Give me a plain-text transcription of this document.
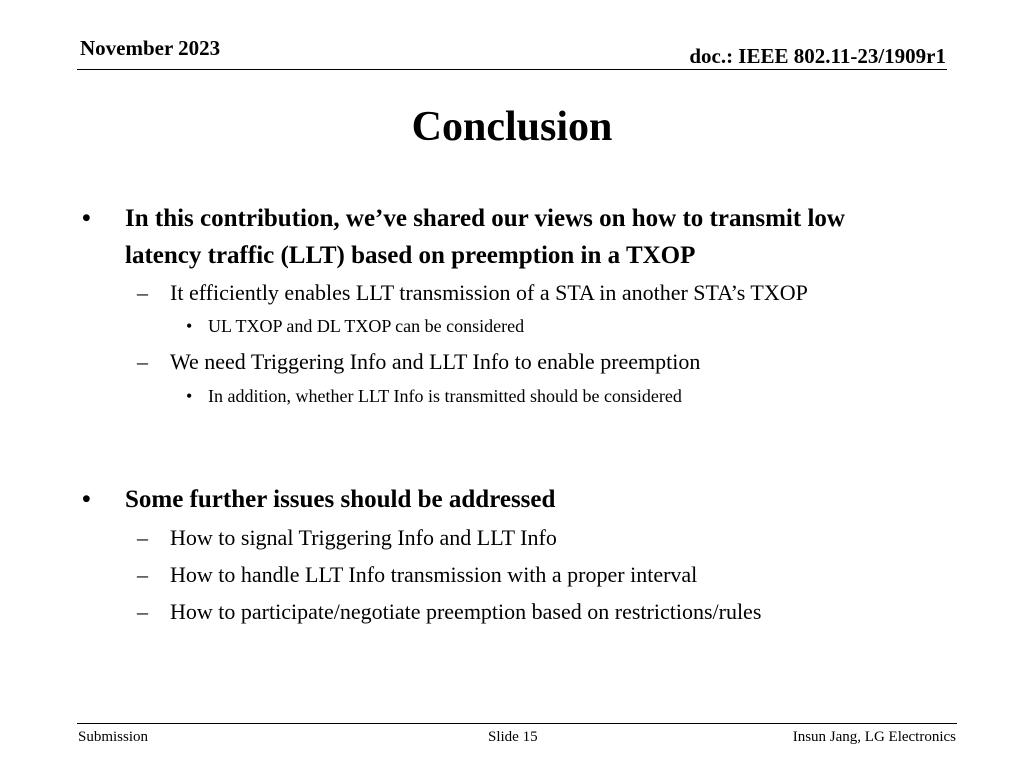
November 2023	doc.: IEEE 802.11-23/1909r1
Conclusion
•	In this contribution, we’ve shared our views on how to transmit low latency traffic (LLT) based on preemption in a TXOP
– It efficiently enables LLT transmission of a STA in another STA’s TXOP
• UL TXOP and DL TXOP can be considered
– We need Triggering Info and LLT Info to enable preemption
• In addition, whether LLT Info is transmitted should be considered
•	Some further issues should be addressed
– How to signal Triggering Info and LLT Info
– How to handle LLT Info transmission with a proper interval
– How to participate/negotiate preemption based on restrictions/rules
Submission	Slide 15	Insun Jang, LG Electronics
